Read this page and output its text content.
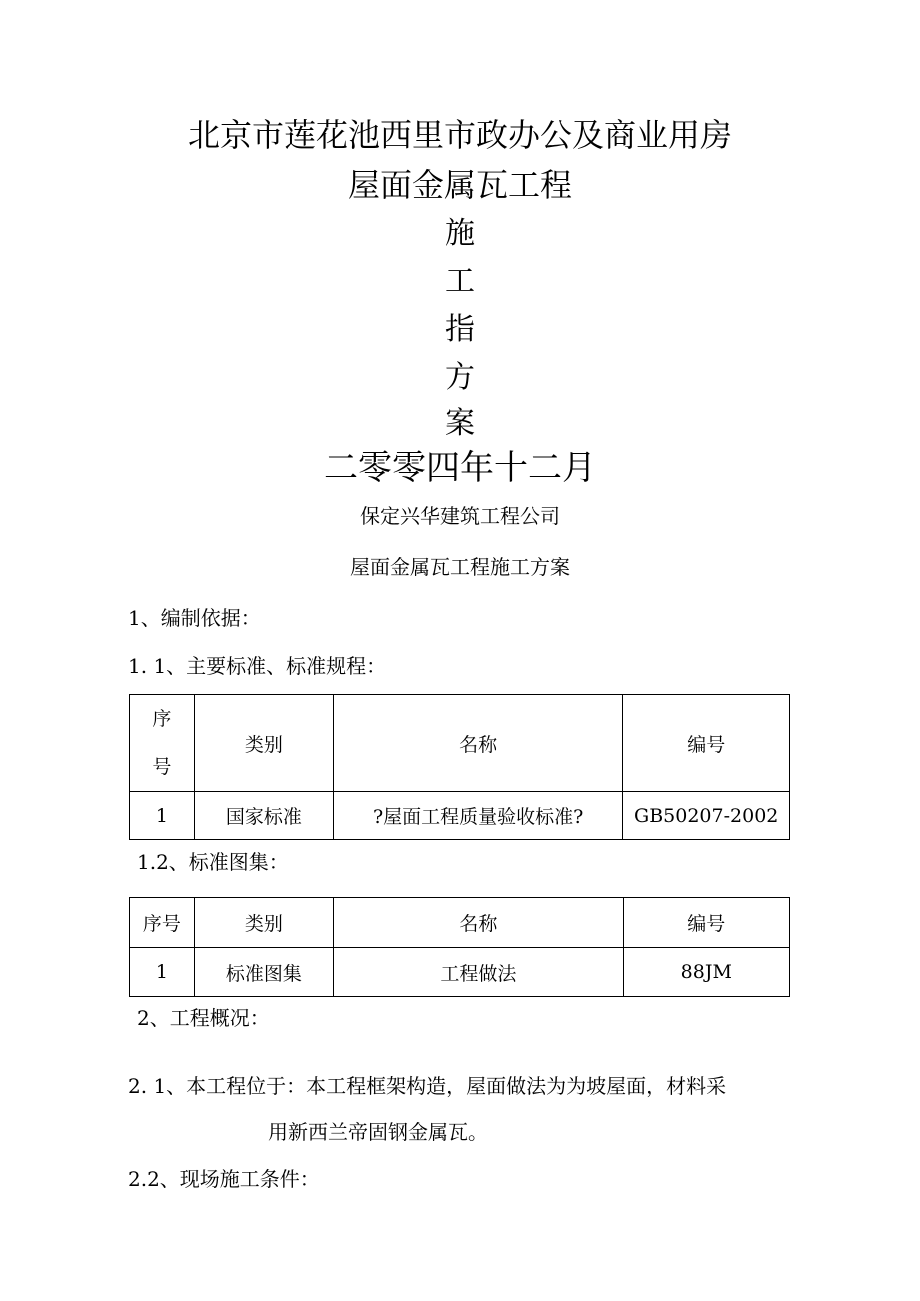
北京市莲花池西里市政办公及商业用房
屋面金属瓦工程
施
工
指
方
案
二零零四年十二月
保定兴华建筑工程公司
屋面金属瓦工程施工方案
1、编制依据：
1. 1、主要标准、标准规程：
序
号	类别	名称	编号
1	国家标准	?屋面工程质量验收标准?	GB50207-2002
1.2、标准图集：
序号	类别	名称	编号
1	标准图集	工程做法	88JM
2、工程概况：
2. 1、本工程位于：本工程框架构造，屋面做法为为坡屋面，材料采
用新西兰帝固钢金属瓦。
2.2、现场施工条件：
